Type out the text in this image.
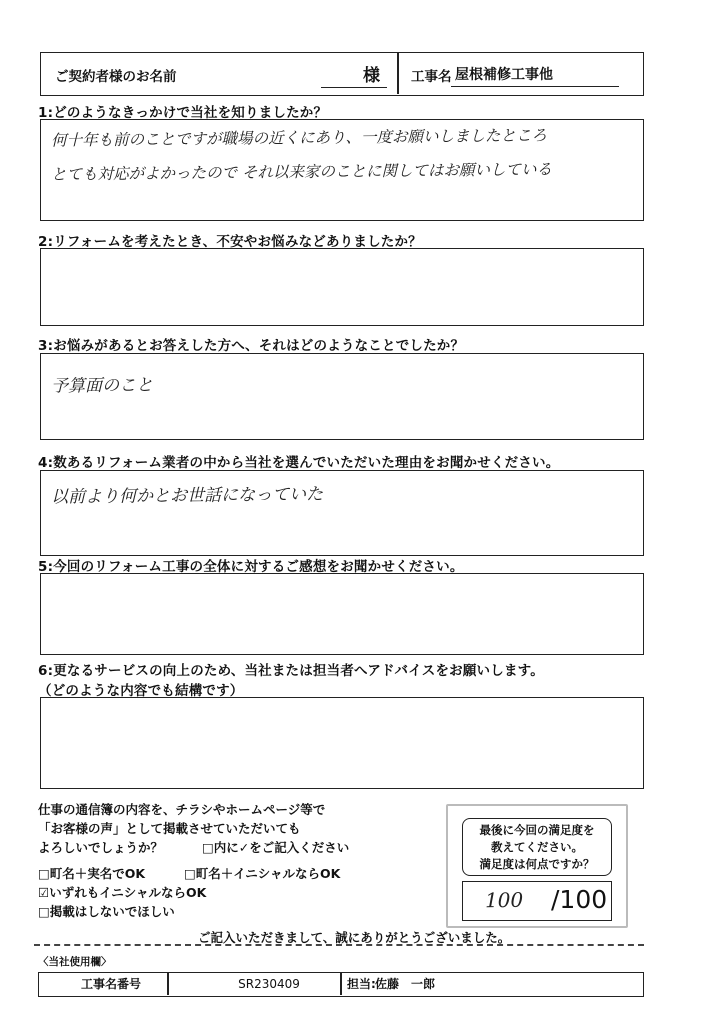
ご契約者様のお名前	様 工事名 屋根補修工事他
1:どのようなきっかけで当社を知りましたか？
何十年も前のことですが職場の近くにあり、一度お願いしましたところ
とても対応がよかったので それ以来家のことに関してはお願いしている
2:リフォームを考えたとき、不安やお悩みなどありましたか？
3:お悩みがあるとお答えした方へ、それはどのようなことでしたか？
予算面のこと
4:数あるリフォーム業者の中から当社を選んでいただいた理由をお聞かせください。
以前より何かとお世話になっていた
5:今回のリフォーム工事の全体に対するご感想をお聞かせください。
6:更なるサービスの向上のため、当社または担当者へアドバイスをお願いします。
（どのような内容でも結構です）
仕事の通信簿の内容を、チラシやホームページ等で
「お客様の声」として掲載させていただいても
よろしいでしょうか？	□内に✓をご記入ください
□町名＋実名でOK	□町名＋イニシャルならOK
☑いずれもイニシャルならOK
□掲載はしないでほしい
最後に今回の満足度を
教えてください。
満足度は何点ですか？
100 /100
ご記入いただきまして、誠にありがとうございました。
〈当社使用欄〉
工事名番号	SR230409	担当: 佐藤　一郎
